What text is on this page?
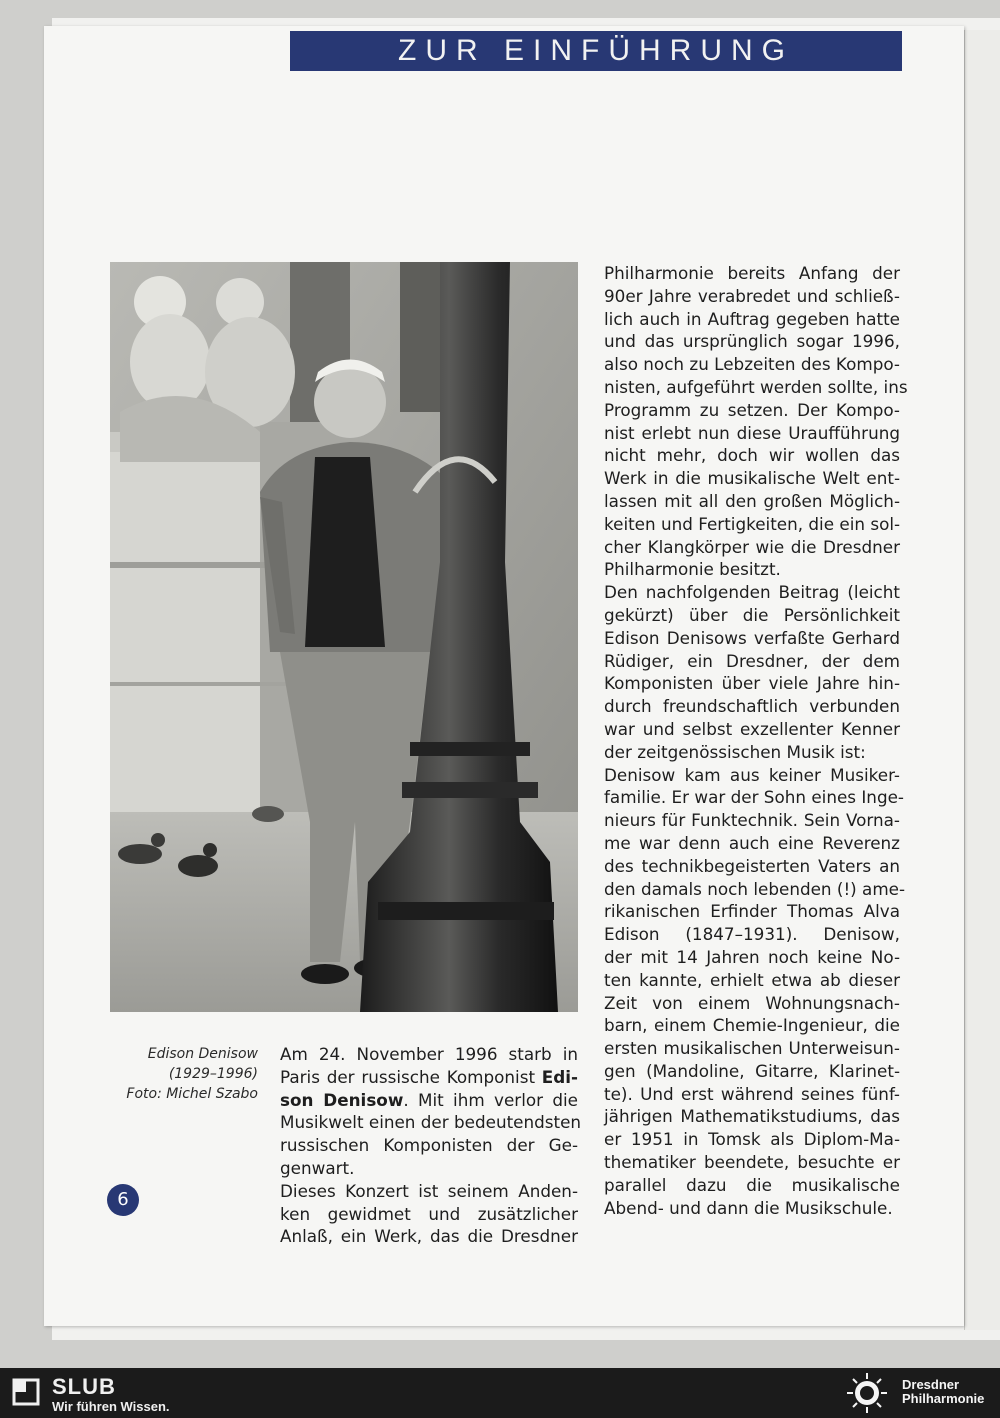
ZUR EINFÜHRUNG
Edison Denisow
(1929–1996)
Foto: Michel Szabo
Am 24. November 1996 starb in
Paris der russische Komponist Edi-
son Denisow. Mit ihm verlor die
Musikwelt einen der bedeutendsten
russischen Komponisten der Ge-
genwart.
Dieses Konzert ist seinem Anden-
ken gewidmet und zusätzlicher
Anlaß, ein Werk, das die Dresdner
Philharmonie bereits Anfang der
90er Jahre verabredet und schließ-
lich auch in Auftrag gegeben hatte
und das ursprünglich sogar 1996,
also noch zu Lebzeiten des Kompo-
nisten, aufgeführt werden sollte, ins
Programm zu setzen. Der Kompo-
nist erlebt nun diese Uraufführung
nicht mehr, doch wir wollen das
Werk in die musikalische Welt ent-
lassen mit all den großen Möglich-
keiten und Fertigkeiten, die ein sol-
cher Klangkörper wie die Dresdner
Philharmonie besitzt.
Den nachfolgenden Beitrag (leicht
gekürzt) über die Persönlichkeit
Edison Denisows verfaßte Gerhard
Rüdiger, ein Dresdner, der dem
Komponisten über viele Jahre hin-
durch freundschaftlich verbunden
war und selbst exzellenter Kenner
der zeitgenössischen Musik ist:
Denisow kam aus keiner Musiker-
familie. Er war der Sohn eines Inge-
nieurs für Funktechnik. Sein Vorna-
me war denn auch eine Reverenz
des technikbegeisterten Vaters an
den damals noch lebenden (!) ame-
rikanischen Erfinder Thomas Alva
Edison (1847–1931). Denisow,
der mit 14 Jahren noch keine No-
ten kannte, erhielt etwa ab dieser
Zeit von einem Wohnungsnach-
barn, einem Chemie-Ingenieur, die
ersten musikalischen Unterweisun-
gen (Mandoline, Gitarre, Klarinet-
te). Und erst während seines fünf-
jährigen Mathematikstudiums, das
er 1951 in Tomsk als Diplom-Ma-
thematiker beendete, besuchte er
parallel dazu die musikalische
Abend- und dann die Musikschule.
6
SLUB
Wir führen Wissen.
Dresdner
Philharmonie
